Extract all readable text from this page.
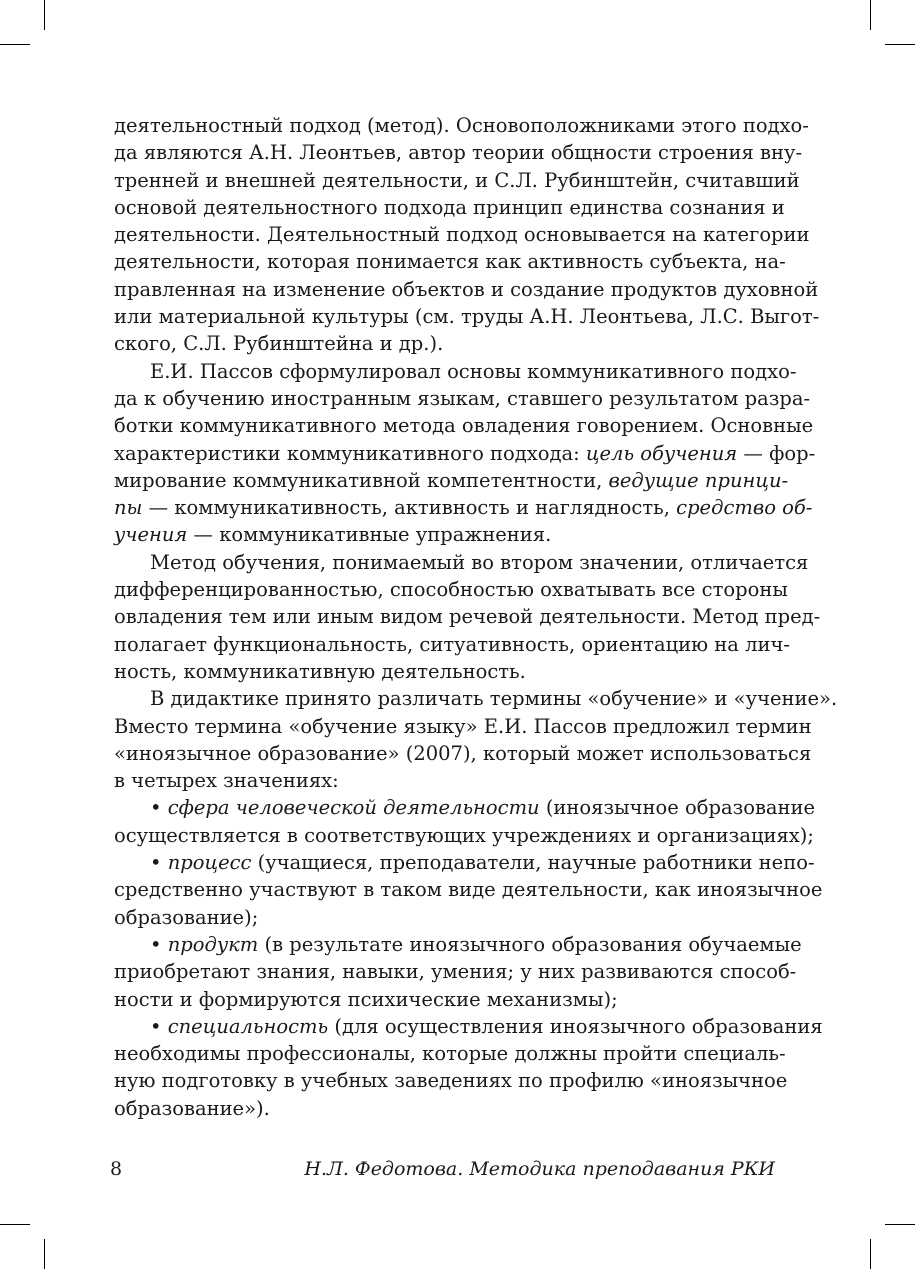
деятельностный подход (метод). Основоположниками этого подхо-
да являются А.Н. Леонтьев, автор теории общности строения вну-
тренней и внешней деятельности, и С.Л. Рубинштейн, считавший
основой деятельностного подхода принцип единства сознания и
деятельности. Деятельностный подход основывается на категории
деятельности, которая понимается как активность субъекта, на-
правленная на изменение объектов и создание продуктов духовной
или материальной культуры (см. труды А.Н. Леонтьева, Л.С. Выгот-
ского, С.Л. Рубинштейна и др.).
Е.И. Пассов сформулировал основы коммуникативного подхо-
да к обучению иностранным языкам, ставшего результатом разра-
ботки коммуникативного метода овладения говорением. Основные
характеристики коммуникативного подхода: цель обучения — фор-
мирование коммуникативной компетентности, ведущие принци-
пы — коммуникативность, активность и наглядность, средство об-
учения — коммуникативные упражнения.
Метод обучения, понимаемый во втором значении, отличается
дифференцированностью, способностью охватывать все стороны
овладения тем или иным видом речевой деятельности. Метод пред-
полагает функциональность, ситуативность, ориентацию на лич-
ность, коммуникативную деятельность.
В дидактике принято различать термины «обучение» и «учение».
Вместо термина «обучение языку» Е.И. Пассов предложил термин
«иноязычное образование» (2007), который может использоваться
в четырех значениях:
• сфера человеческой деятельности (иноязычное образование
осуществляется в соответствующих учреждениях и организациях);
• процесс (учащиеся, преподаватели, научные работники непо-
средственно участвуют в таком виде деятельности, как иноязычное
образование);
• продукт (в результате иноязычного образования обучаемые
приобретают знания, навыки, умения; у них развиваются способ-
ности и формируются психические механизмы);
• специальность (для осуществления иноязычного образования
необходимы профессионалы, которые должны пройти специаль-
ную подготовку в учебных заведениях по профилю «иноязычное
образование»).
8	Н.Л. Федотова. Методика преподавания РКИ
